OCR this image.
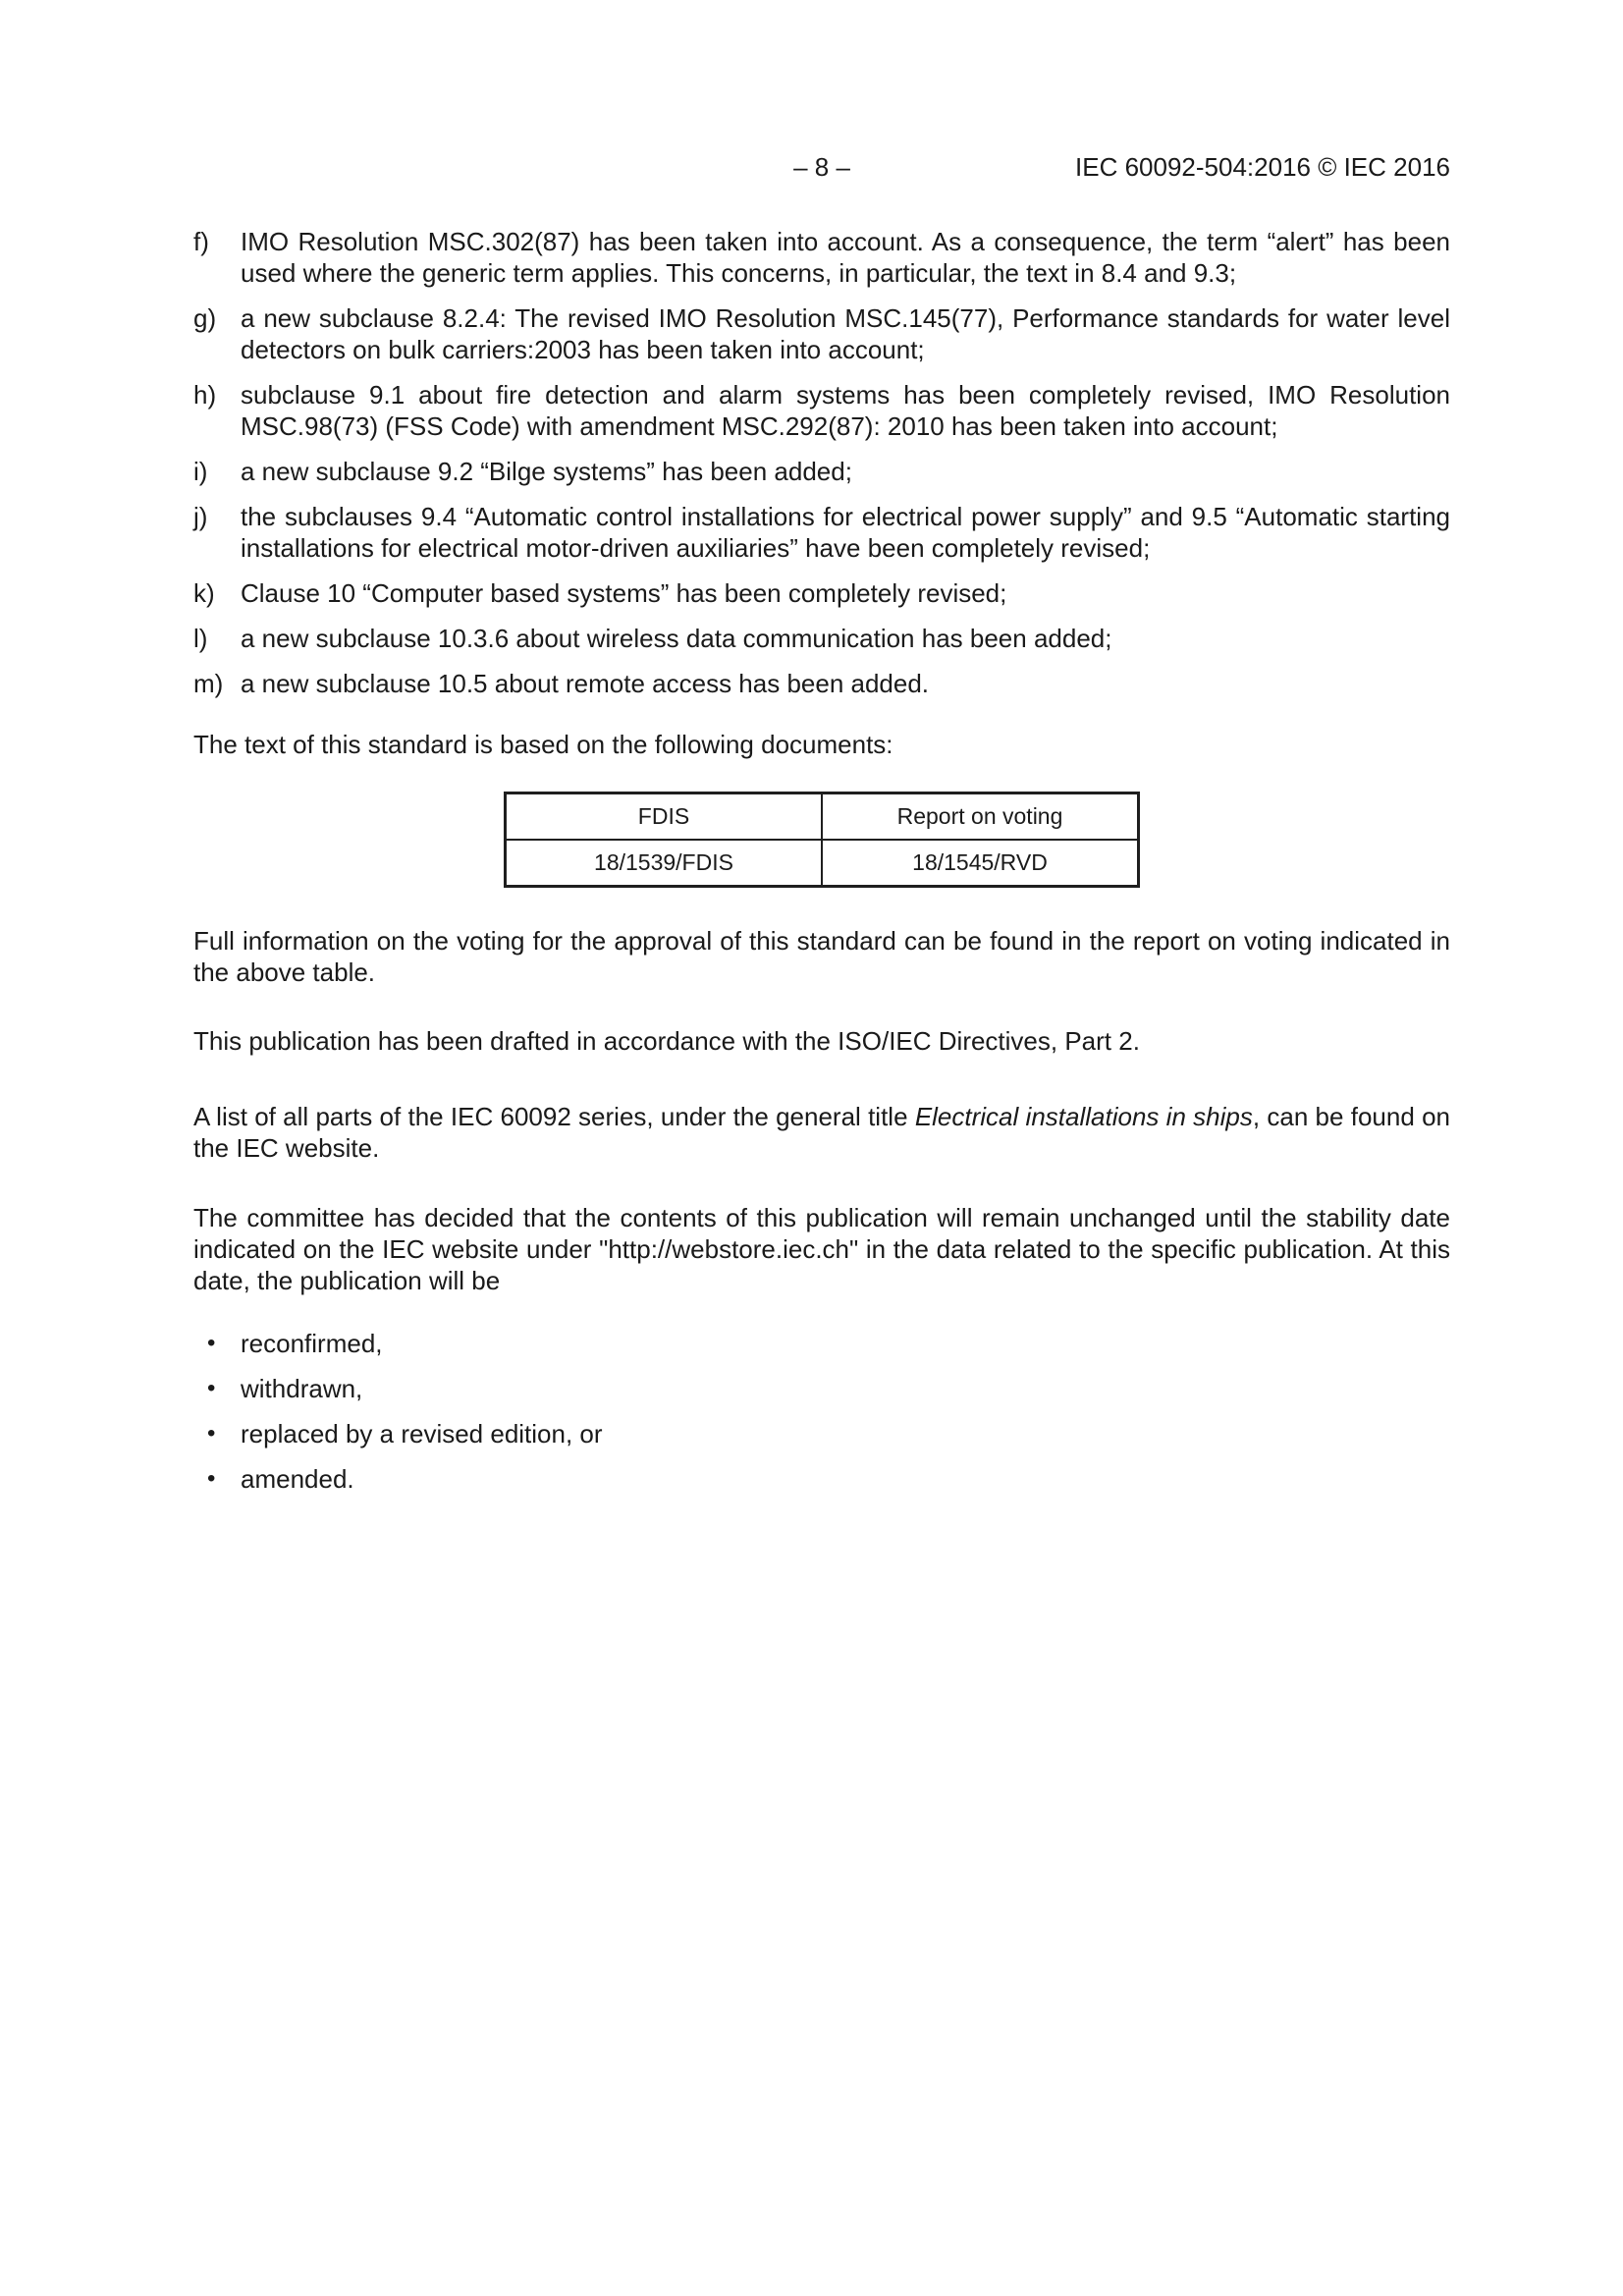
– 8 –	IEC 60092-504:2016 © IEC 2016
f)	IMO Resolution MSC.302(87) has been taken into account. As a consequence, the term “alert” has been used where the generic term applies. This concerns, in particular, the text in 8.4 and 9.3;
g) a new subclause 8.2.4: The revised IMO Resolution MSC.145(77), Performance standards for water level detectors on bulk carriers:2003 has been taken into account;
h) subclause 9.1 about fire detection and alarm systems has been completely revised, IMO Resolution MSC.98(73) (FSS Code) with amendment MSC.292(87): 2010 has been taken into account;
i)	a new subclause 9.2 “Bilge systems” has been added;
j)	the subclauses 9.4 “Automatic control installations for electrical power supply” and 9.5 “Automatic starting installations for electrical motor-driven auxiliaries” have been completely revised;
k)	Clause 10 “Computer based systems” has been completely revised;
l)	a new subclause 10.3.6 about wireless data communication has been added;
m) a new subclause 10.5 about remote access has been added.

The text of this standard is based on the following documents:

FDIS	Report on voting
18/1539/FDIS	18/1545/RVD

Full information on the voting for the approval of this standard can be found in the report on voting indicated in the above table.

This publication has been drafted in accordance with the ISO/IEC Directives, Part 2.

A list of all parts of the IEC 60092 series, under the general title Electrical installations in ships, can be found on the IEC website.

The committee has decided that the contents of this publication will remain unchanged until the stability date indicated on the IEC website under "http://webstore.iec.ch" in the data related to the specific publication. At this date, the publication will be

• reconfirmed,
• withdrawn,
• replaced by a revised edition, or
• amended.
